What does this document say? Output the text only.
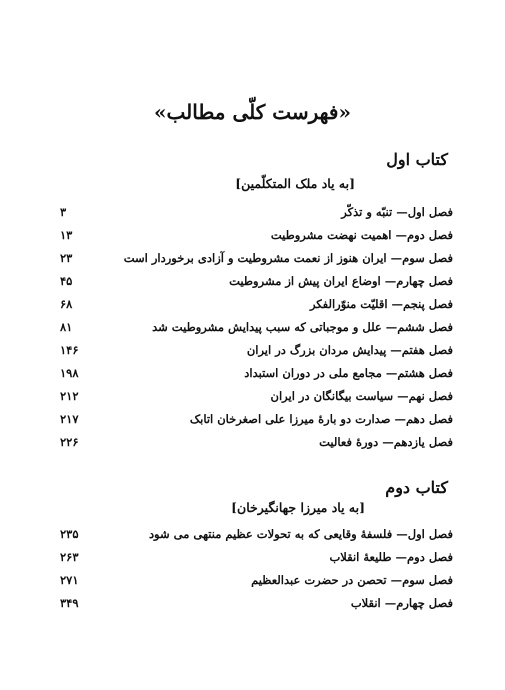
«فهرست کلّی مطالب»
کتاب اول
[به یاد ملک المتکلّمین]
فصل اول— تنبّه و تذکّر
۳
فصل دوم— اهمیت نهضت مشروطیت
۱۳
فصل سوم— ایران هنوز از نعمت مشروطیت و آزادی برخوردار است
۲۳
فصل چهارم— اوضاع ایران پیش از مشروطیت
۴۵
فصل پنجم— اقلیّت منوّرالفکر
۶۸
فصل ششم— علل و موجباتی که سبب پیدایش مشروطیت شد
۸۱
فصل هفتم— پیدایش مردان بزرگ در ایران
۱۴۶
فصل هشتم— مجامع ملی در دوران استبداد
۱۹۸
فصل نهم— سیاست بیگانگان در ایران
۲۱۲
فصل دهم— صدارت دو بارهٔ میرزا علی اصغرخان اتابک
۲۱۷
فصل یازدهم— دورهٔ فعالیت
۲۲۶
کتاب دوم
[به یاد میرزا جهانگیرخان]
فصل اول— فلسفهٔ وقایعی که به تحولات عظیم منتهی می شود
۲۳۵
فصل دوم— طلیعهٔ انقلاب
۲۶۳
فصل سوم— تحصن در حضرت عبدالعظیم
۲۷۱
فصل چهارم— انقلاب
۳۴۹
